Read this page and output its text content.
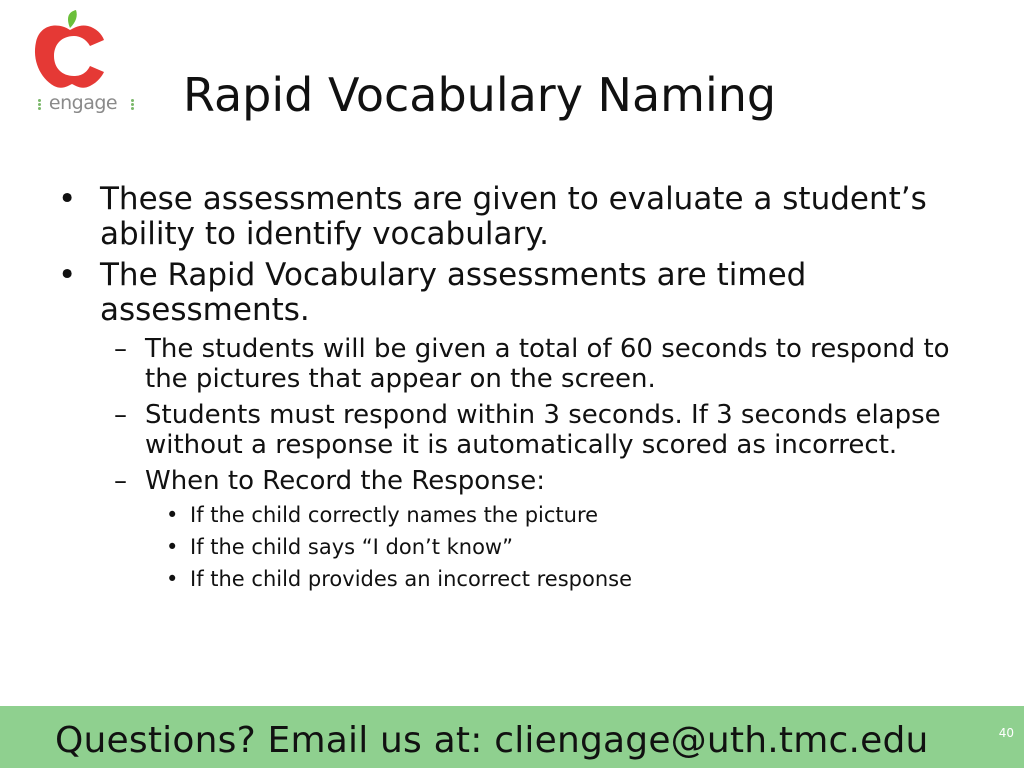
engage	Rapid Vocabulary Naming
• These assessments are given to evaluate a student’s ability to identify vocabulary.
• The Rapid Vocabulary assessments are timed assessments.
– The students will be given a total of 60 seconds to respond to the pictures that appear on the screen.
– Students must respond within 3 seconds. If 3 seconds elapse without a response it is automatically scored as incorrect.
– When to Record the Response:
• If the child correctly names the picture
• If the child says “I don’t know”
• If the child provides an incorrect response
Questions? Email us at: cliengage@uth.tmc.edu	40
